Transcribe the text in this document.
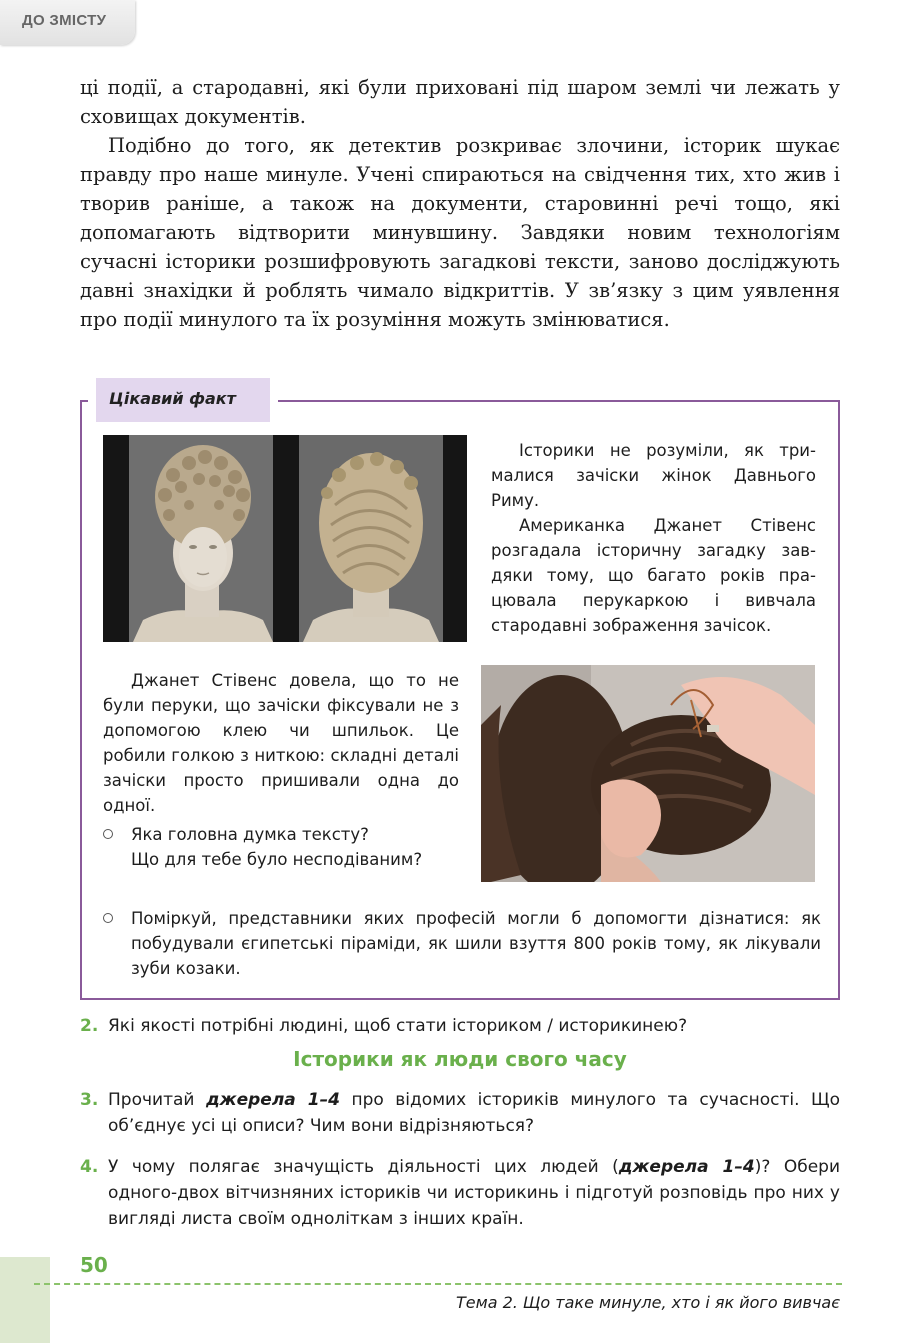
ДО ЗМІСТУ

ці події, а стародавні, які були приховані під шаром землі чи лежать у сховищах документів.

Подібно до того, як детектив розкриває злочини, історик шукає правду про наше минуле. Учені спираються на свідчення тих, хто жив і творив раніше, а також на документи, старовинні речі тощо, які допомагають відтворити минувшину. Завдяки новим технологіям сучасні історики розшифровують загадкові тексти, заново досліджують давні знахідки й роблять чимало відкриттів. У зв’язку з цим уявлення про події минулого та їх розуміння можуть змінюватися.

Цікавий факт

Історики не розуміли, як трималися зачіски жінок Давнього Риму.

Американка Джанет Стівенс розгадала історичну загадку завдяки тому, що багато років працювала перукаркою і вивчала стародавні зображення зачісок.

Джанет Стівенс довела, що то не були перуки, що зачіски фіксували не з допомогою клею чи шпильок. Це робили голкою з ниткою: складні деталі зачіски просто пришивали одна до одної.

Яка головна думка тексту?
Що для тебе було несподіваним?
Поміркуй, представники яких професій могли б допомогти дізнатися: як побудували єгипетські піраміди, як шили взуття 800 років тому, як лікували зуби козаки.
2. Які якості потрібні людині, щоб стати істориком / историкинею?
Історики як люди свого часу
3. Прочитай джерела 1–4 про відомих істориків минулого та сучасності. Що об’єднує усі ці описи? Чим вони відрізняються?
4. У чому полягає значущість діяльності цих людей (джерела 1–4)? Обери одного-двох вітчизняних істориків чи историкинь і підготуй розповідь про них у вигляді листа своїм одноліткам з інших країн.
50
Тема 2. Що таке минуле, хто і як його вивчає
